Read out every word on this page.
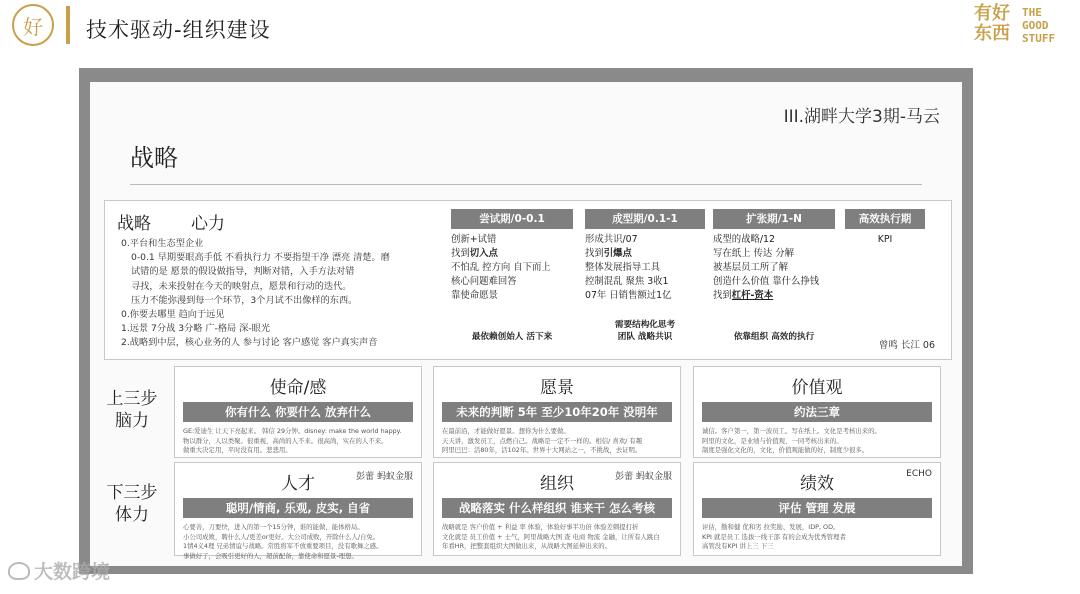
好	技术驱动-组织建设
有好东西
THE
GOOD
STUFF
III.湖畔大学3期-马云
战略
战略 心力
0.平台和生态型企业
0-0.1 早期要眼高手低 不看执行力 不要指望干净 漂亮 清楚。磨
试错的是 愿景的假设做指导，判断对错，入手方法对错
寻找，未来投射在今天的映射点，愿景和行动的迭代。
压力不能弥漫到每一个环节，3个月试不出像样的东西。
0.你要去哪里 趋向于远见
1.远景 7分战 3分略 广-格局 深-眼光
2.战略到中层，核心业务的人 参与讨论 客户感觉 客户真实声音
尝试期/0-0.1
创新+试错
找到切入点
不怕乱 控方向 自下而上
核心问题难回答
靠使命愿景
最依赖创始人 活下来
成型期/0.1-1
形成共识/07
找到引爆点
整体发展指导工具
控制混乱 聚焦 3收1
07年 日销售额过1亿
需要结构化思考
团队 战略共识
扩张期/1-N
成型的战略/12
写在纸上 传达 分解
被基层员工所了解
创造什么价值 靠什么挣钱
找到杠杆-资本
依靠组织 高效的执行
高效执行期
KPI
曾鸣 长江 06
上三步
脑力
下三步
体力
使命/感
你有什么 你要什么 放弃什么
GE:爱迪生 让天下亮起来。 韩信 29分钟。disney: make the world happy.
物以群分，人以类聚。很重视，高尚的人不来。很高尚，实在的人不来。
做重大决定用，平时没有用。悲悲用。
愿景
未来的判断 5年 至少10年20年 没明年
在最前沿，才能做好愿景。想你为什么要做。
天天讲，激发员工，点燃自己。战略是一定不一样的。相信/ 喜欢/ 有趣
阿里巴巴：活80年，活102年。世界十大网站之一，不挑战，去证明。
价值观
约法三章
诚信。客户第一，第一波员工。写在纸上。文化是考核出来的。
阿里的文化，是业绩与价值观，一同考核出来的。
制度是强化文化的，文化，价值观能做的好，制度少很多。
彭蕾 蚂蚁金服
人才
聪明/情商, 乐观, 皮实, 自省
心要善，刀要快，进入的第一个15分钟，谁的能做，能体格局。
小公司成败，聘什么人/更差or更好。大公司成败，开除什么人/自免。
1情4义4理 兄弟情谊与战略。常胜将军不放重要项目，没有歌舞之感。
事做好了，会吸引更好的人，超前配备，靠使命和愿景-理想。
彭蕾 蚂蚁金服
组织
战略落实 什么样组织 谁来干 怎么考核
战略就是 客户价值 + 利益 率 体验，体验好事半功倍 体验差刺提打折
文化就是 员工价值 + 士气，阿里战略大图 查 电商 物流 金融，让所有人跳白
年看HR，把整套组织大图做出来，从战略大图延伸出来的。
ECHO
绩效
评估 管理 发展
评估，勤和健 优和劣 拉奖励、发展，IDP, OD。
KPI 就是员工 选拔一线干部 有的会成为优秀管理者
高管没有KPI 讲上三 下三
大数跨境
